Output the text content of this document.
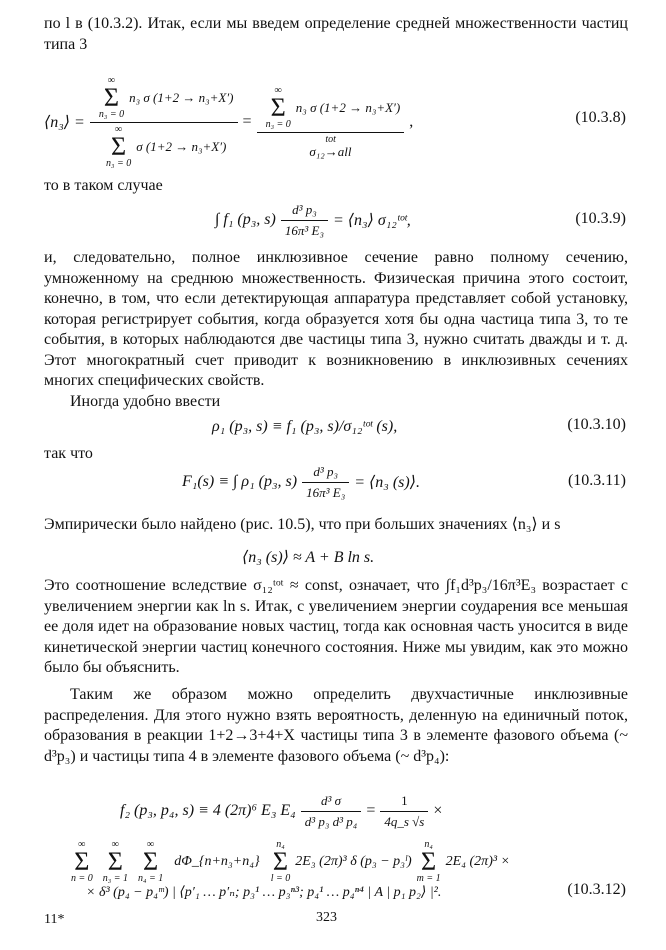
по l в (10.3.2). Итак, если мы введем определение средней множественности частиц типа 3
⟨n₃⟩ = ∞
Σ
n₃ = 0
n₃ σ (1+2 → n₃+X′)
∞
Σ
n₃ = 0
σ (1+2 → n₃+X′) = ∞
Σ
n₃ = 0
n₃ σ (1+2 → n₃+X′)
tot
σ₁₂→all ,	(10.3.8)
то в таком случае
∫ f₁ (p₃, $s) \frac{\text{d³ p₃}}{\text{16π³ E₃}}$ = ⟨n₃⟩ σ₁₂ᵗᵒᵗ,	(10.3.9)
и, следовательно, полное инклюзивное сечение равно полному сечению, умноженному на среднюю множественность. Физическая причина этого состоит, конечно, в том, что если детектирующая аппаратура представляет собой установку, которая регистрирует события, когда образуется хотя бы одна частица типа 3, то те события, в которых наблюдаются две частицы типа 3, нужно считать дважды и т. д. Этот многократный счет приводит к возникновению в инклюзивных сечениях многих специфических свойств.
Иногда удобно ввести
ρ₁ (p₃, s) ≡ f₁ (p₃, s)/σ₁₂ᵗᵒᵗ (s),	(10.3.10)
так что
F₁(s) ≡ ∫ ρ₁ (p₃, $s) \frac{\text{d³ p₃}}{\text{16π³ E₃}}$ = ⟨n₃ (s)⟩.	(10.3.11)
Эмпирически было найдено (рис. 10.5), что при больших значениях ⟨n₃⟩ и s
⟨n₃ (s)⟩ ≈ A + B ln s.
Это соотношение вследствие σ₁₂ᵗᵒᵗ ≈ const, означает, что ∫f₁d³p₃/16π³E₃ возрастает с увеличением энергии как ln s. Итак, с увеличением энергии соударения все меньшая ее доля идет на образование новых частиц, тогда как основная часть уносится в виде кинетической энергии частиц конечного состояния. Ниже мы увидим, как это можно было бы объяснить.
Таким же образом можно определить двухчастичные инклюзивные распределения. Для этого нужно взять вероятность, деленную на единичный поток, образования в реакции 1+2→3+4+X частицы типа 3 в элементе фазового объема (~ d³p₃) и частицы типа 4 в элементе фазового объема (~ d³p₄):
f₂ (p₃, p₄, s) ≡ 4 (2π)⁶ E₃ $E_4 \frac{\text{d³ σ}}{\text{d³ p₃ d³ p₄}} = \frac{1}{4q\_s √s}$ ×
∞
Σ
n = 0
∞
Σ
n₃ = 1
∞
Σ
n₄ = 1
dΦ_{n+n₃+n₄}
n₄
Σ
l = 0
2E₃ (2π)³ δ (p₃ − p₃ˡ)
n₄
Σ
m = 1
2E₄ (2π)³ ×
× δ³ (p₄ − p₄ᵐ) | ⟨p′₁ … p′ₙ; p₃¹ … p₃ⁿ³; p₄¹ … p₄ⁿ⁴ | A | p₁ p₂⟩ |².	(10.3.12)
11*	323
